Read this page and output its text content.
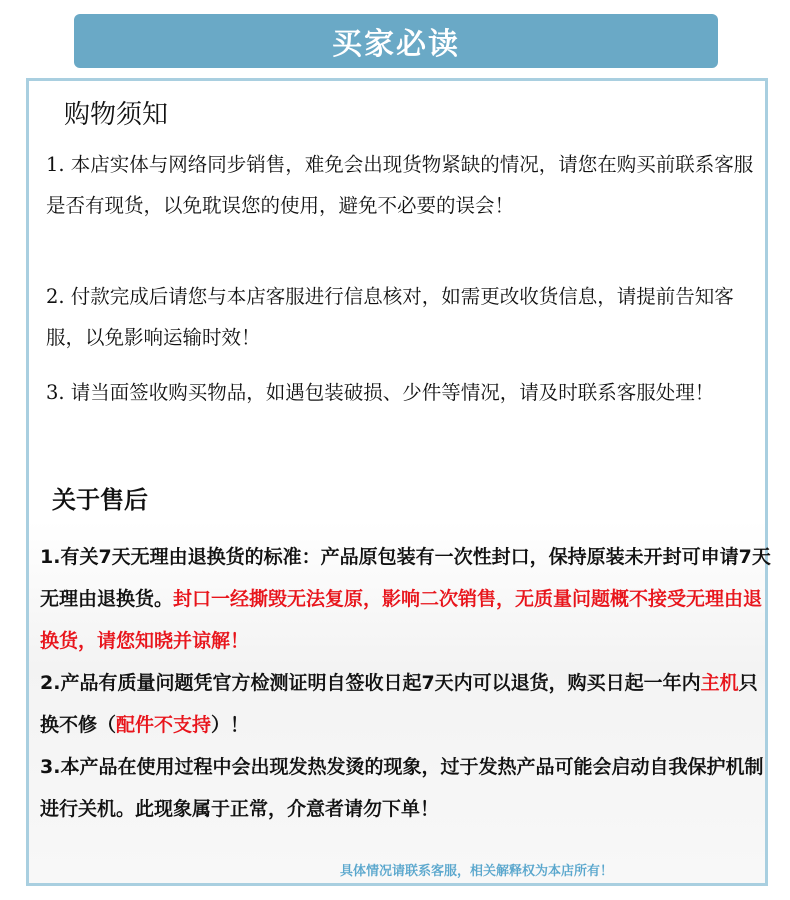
买家必读
购物须知
1. 本店实体与网络同步销售，难免会出现货物紧缺的情况，请您在购买前联系客服是否有现货，以免耽误您的使用，避免不必要的误会！
2. 付款完成后请您与本店客服进行信息核对，如需更改收货信息，请提前告知客服，以免影响运输时效！
3. 请当面签收购买物品，如遇包装破损、少件等情况，请及时联系客服处理！
关于售后
1.有关7天无理由退换货的标准：产品原包装有一次性封口，保持原装未开封可申请7天无理由退换货。封口一经撕毁无法复原，影响二次销售，无质量问题概不接受无理由退换货，请您知晓并谅解！
2.产品有质量问题凭官方检测证明自签收日起7天内可以退货，购买日起一年内主机只换不修（配件不支持）！
3.本产品在使用过程中会出现发热发烫的现象，过于发热产品可能会启动自我保护机制进行关机。此现象属于正常，介意者请勿下单！
具体情况请联系客服，相关解释权为本店所有！
